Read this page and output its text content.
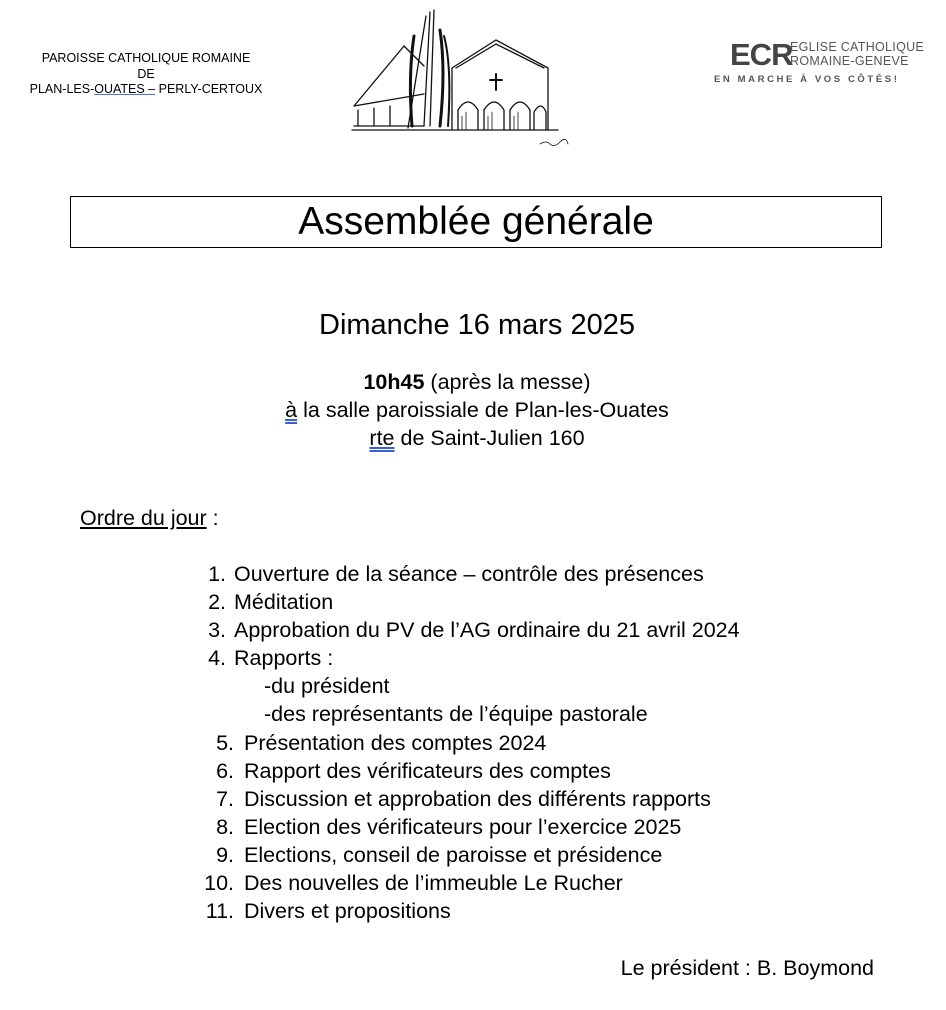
PAROISSE CATHOLIQUE ROMAINE
DE
PLAN-LES-OUATES – PERLY-CERTOUX
ECR
EGLISE CATHOLIQUE
ROMAINE-GENEVE
EN MARCHE À VOS CÔTÉS!
Assemblée générale
Dimanche 16 mars 2025
10h45 (après la messe)
à la salle paroissiale de Plan-les-Ouates
rte de Saint-Julien 160
Ordre du jour :
1. Ouverture de la séance – contrôle des présences
2. Méditation
3. Approbation du PV de l’AG ordinaire du 21 avril 2024
4. Rapports :
-du président
-des représentants de l’équipe pastorale
5. Présentation des comptes 2024
6. Rapport des vérificateurs des comptes
7. Discussion et approbation des différents rapports
8. Election des vérificateurs pour l’exercice 2025
9. Elections, conseil de paroisse et présidence
10. Des nouvelles de l’immeuble Le Rucher
11. Divers et propositions
Le président : B. Boymond
